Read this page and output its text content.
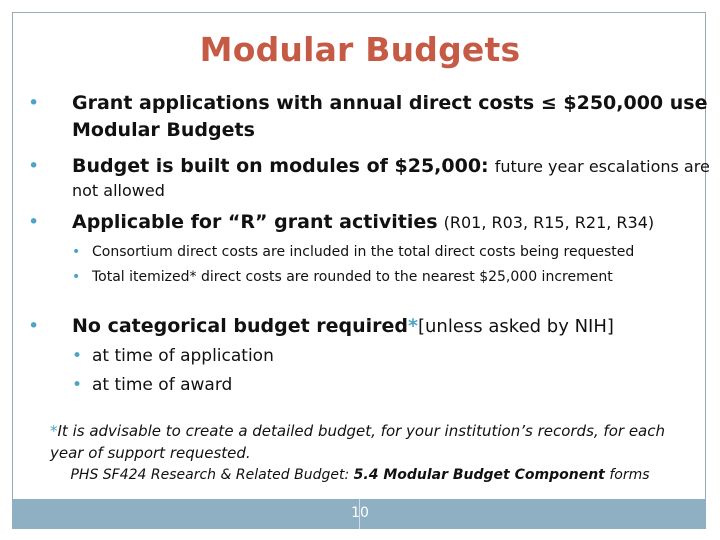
Modular Budgets
• Grant applications with annual direct costs ≤ $250,000 use
Modular Budgets
• Budget is built on modules of $25,000: future year escalations are
not allowed
• Applicable for “R” grant activities (R01, R03, R15, R21, R34)
• Consortium direct costs are included in the total direct costs being requested
• Total itemized* direct costs are rounded to the nearest $25,000 increment
• No categorical budget required*[unless asked by NIH]
• at time of application
• at time of award
*It is advisable to create a detailed budget, for your institution’s records, for each year of support requested.
PHS SF424 Research & Related Budget: 5.4 Modular Budget Component forms
10
